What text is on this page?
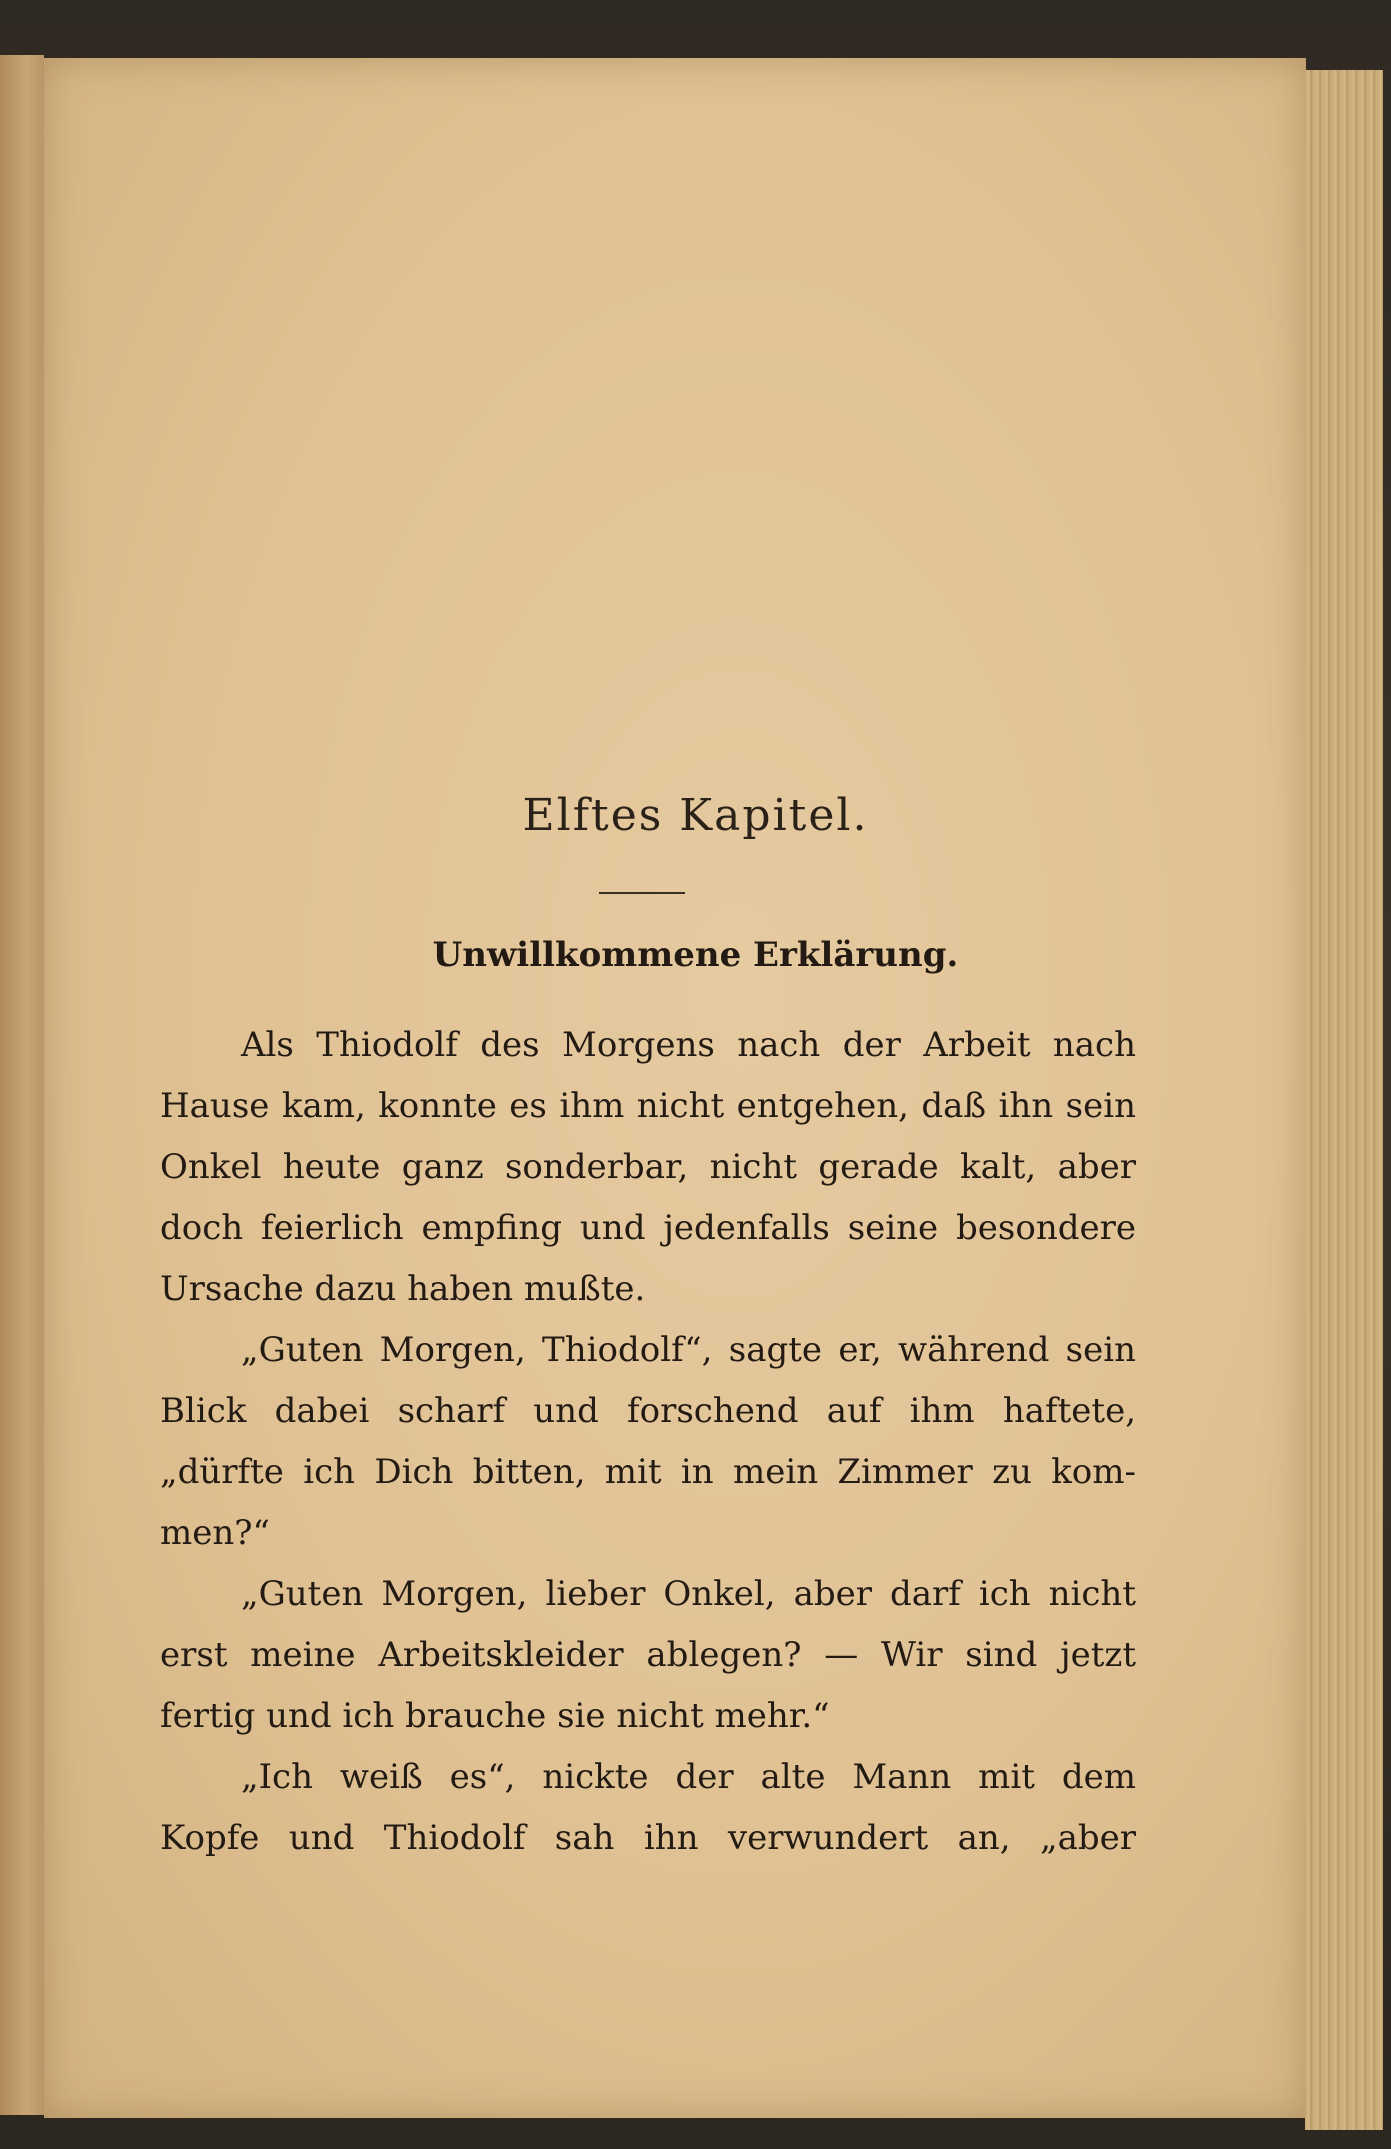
Elftes Kapitel.
Unwillkommene Erklärung.
Als Thiodolf des Morgens nach der Arbeit nach
Hause kam, konnte es ihm nicht entgehen, daß ihn sein
Onkel heute ganz sonderbar, nicht gerade kalt, aber
doch feierlich empfing und jedenfalls seine besondere
Ursache dazu haben mußte.
„Guten Morgen, Thiodolf“, sagte er, während sein
Blick dabei scharf und forschend auf ihm haftete,
„dürfte ich Dich bitten, mit in mein Zimmer zu kom-
men?“
„Guten Morgen, lieber Onkel, aber darf ich nicht
erst meine Arbeitskleider ablegen? — Wir sind jetzt
fertig und ich brauche sie nicht mehr.“
„Ich weiß es“, nickte der alte Mann mit dem
Kopfe und Thiodolf sah ihn verwundert an, „aber
